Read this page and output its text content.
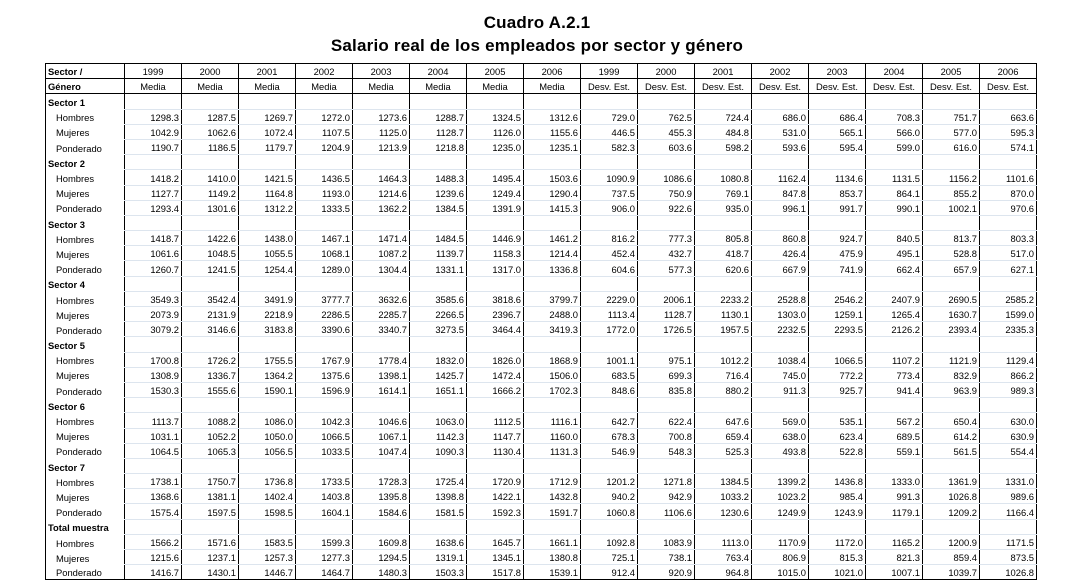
Cuadro A.2.1
Salario real de los empleados por sector y género
Sector /	1999	2000	2001	2002	2003	2004	2005	2006	1999	2000	2001	2002	2003	2004	2005	2006
Género	Media	Media	Media	Media	Media	Media	Media	Media	Desv. Est.	Desv. Est.	Desv. Est.	Desv. Est.	Desv. Est.	Desv. Est.	Desv. Est.	Desv. Est.
Sector 1																
Hombres	1298.3	1287.5	1269.7	1272.0	1273.6	1288.7	1324.5	1312.6	729.0	762.5	724.4	686.0	686.4	708.3	751.7	663.6
Mujeres	1042.9	1062.6	1072.4	1107.5	1125.0	1128.7	1126.0	1155.6	446.5	455.3	484.8	531.0	565.1	566.0	577.0	595.3
Ponderado	1190.7	1186.5	1179.7	1204.9	1213.9	1218.8	1235.0	1235.1	582.3	603.6	598.2	593.6	595.4	599.0	616.0	574.1
Sector 2																
Hombres	1418.2	1410.0	1421.5	1436.5	1464.3	1488.3	1495.4	1503.6	1090.9	1086.6	1080.8	1162.4	1134.6	1131.5	1156.2	1101.6
Mujeres	1127.7	1149.2	1164.8	1193.0	1214.6	1239.6	1249.4	1290.4	737.5	750.9	769.1	847.8	853.7	864.1	855.2	870.0
Ponderado	1293.4	1301.6	1312.2	1333.5	1362.2	1384.5	1391.9	1415.3	906.0	922.6	935.0	996.1	991.7	990.1	1002.1	970.6
Sector 3																
Hombres	1418.7	1422.6	1438.0	1467.1	1471.4	1484.5	1446.9	1461.2	816.2	777.3	805.8	860.8	924.7	840.5	813.7	803.3
Mujeres	1061.6	1048.5	1055.5	1068.1	1087.2	1139.7	1158.3	1214.4	452.4	432.7	418.7	426.4	475.9	495.1	528.8	517.0
Ponderado	1260.7	1241.5	1254.4	1289.0	1304.4	1331.1	1317.0	1336.8	604.6	577.3	620.6	667.9	741.9	662.4	657.9	627.1
Sector 4																
Hombres	3549.3	3542.4	3491.9	3777.7	3632.6	3585.6	3818.6	3799.7	2229.0	2006.1	2233.2	2528.8	2546.2	2407.9	2690.5	2585.2
Mujeres	2073.9	2131.9	2218.9	2286.5	2285.7	2266.5	2396.7	2488.0	1113.4	1128.7	1130.1	1303.0	1259.1	1265.4	1630.7	1599.0
Ponderado	3079.2	3146.6	3183.8	3390.6	3340.7	3273.5	3464.4	3419.3	1772.0	1726.5	1957.5	2232.5	2293.5	2126.2	2393.4	2335.3
Sector 5																
Hombres	1700.8	1726.2	1755.5	1767.9	1778.4	1832.0	1826.0	1868.9	1001.1	975.1	1012.2	1038.4	1066.5	1107.2	1121.9	1129.4
Mujeres	1308.9	1336.7	1364.2	1375.6	1398.1	1425.7	1472.4	1506.0	683.5	699.3	716.4	745.0	772.2	773.4	832.9	866.2
Ponderado	1530.3	1555.6	1590.1	1596.9	1614.1	1651.1	1666.2	1702.3	848.6	835.8	880.2	911.3	925.7	941.4	963.9	989.3
Sector 6																
Hombres	1113.7	1088.2	1086.0	1042.3	1046.6	1063.0	1112.5	1116.1	642.7	622.4	647.6	569.0	535.1	567.2	650.4	630.0
Mujeres	1031.1	1052.2	1050.0	1066.5	1067.1	1142.3	1147.7	1160.0	678.3	700.8	659.4	638.0	623.4	689.5	614.2	630.9
Ponderado	1064.5	1065.3	1056.5	1033.5	1047.4	1090.3	1130.4	1131.3	546.9	548.3	525.3	493.8	522.8	559.1	561.5	554.4
Sector 7																
Hombres	1738.1	1750.7	1736.8	1733.5	1728.3	1725.4	1720.9	1712.9	1201.2	1271.8	1384.5	1399.2	1436.8	1333.0	1361.9	1331.0
Mujeres	1368.6	1381.1	1402.4	1403.8	1395.8	1398.8	1422.1	1432.8	940.2	942.9	1033.2	1023.2	985.4	991.3	1026.8	989.6
Ponderado	1575.4	1597.5	1598.5	1604.1	1584.6	1581.5	1592.3	1591.7	1060.8	1106.6	1230.6	1249.9	1243.9	1179.1	1209.2	1166.4
Total muestra																
Hombres	1566.2	1571.6	1583.5	1599.3	1609.8	1638.6	1645.7	1661.1	1092.8	1083.9	1113.0	1170.9	1172.0	1165.2	1200.9	1171.5
Mujeres	1215.6	1237.1	1257.3	1277.3	1294.5	1319.1	1345.1	1380.8	725.1	738.1	763.4	806.9	815.3	821.3	859.4	873.5
Ponderado	1416.7	1430.1	1446.7	1464.7	1480.3	1503.3	1517.8	1539.1	912.4	920.9	964.8	1015.0	1021.0	1007.1	1039.7	1026.8
